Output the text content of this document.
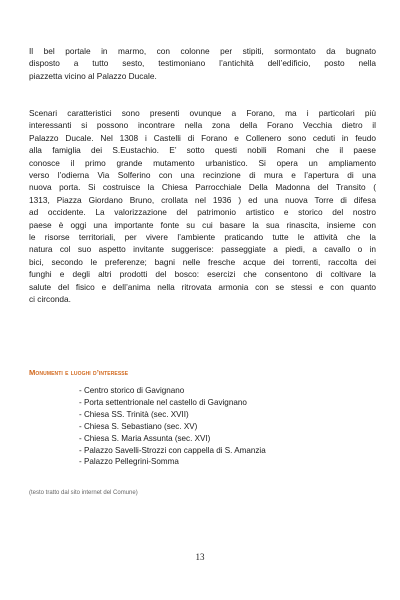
Il bel portale in marmo, con colonne per stipiti, sormontato da bugnato
disposto a tutto sesto, testimoniano l’antichità dell’edificio, posto nella
piazzetta vicino al Palazzo Ducale.
Scenari caratteristici sono presenti ovunque a Forano, ma i particolari più
interessanti si possono incontrare nella zona della Forano Vecchia dietro il
Palazzo Ducale. Nel 1308 i Castelli di Forano e Collenero sono ceduti in feudo
alla famiglia dei S.Eustachio. E’ sotto questi nobili Romani che il paese
conosce il primo grande mutamento urbanistico. Si opera un ampliamento
verso l’odierna Via Solferino con una recinzione di mura e l’apertura di una
nuova porta. Si costruisce la Chiesa Parrocchiale Della Madonna del Transito (
1313, Piazza Giordano Bruno, crollata nel 1936 ) ed una nuova Torre di difesa
ad occidente. La valorizzazione del patrimonio artistico e storico del nostro
paese è oggi una importante fonte su cui basare la sua rinascita, insieme con
le risorse territoriali, per vivere l’ambiente praticando tutte le attività che la
natura col suo aspetto invitante suggerisce: passeggiate a piedi, a cavallo o in
bici, secondo le preferenze; bagni nelle fresche acque dei torrenti, raccolta dei
funghi e degli altri prodotti del bosco: esercizi che consentono di coltivare la
salute del fisico e dell’anima nella ritrovata armonia con se stessi e con quanto
ci circonda.
Monumenti e luoghi d’interesse
- Centro storico di Gavignano
- Porta settentrionale nel castello di Gavignano
- Chiesa SS. Trinità (sec. XVII)
- Chiesa S. Sebastiano (sec. XV)
- Chiesa S. Maria Assunta (sec. XVI)
- Palazzo Savelli-Strozzi con cappella di S. Amanzia
- Palazzo Pellegrini-Somma

(testo tratto dal sito internet del Comune)

13
